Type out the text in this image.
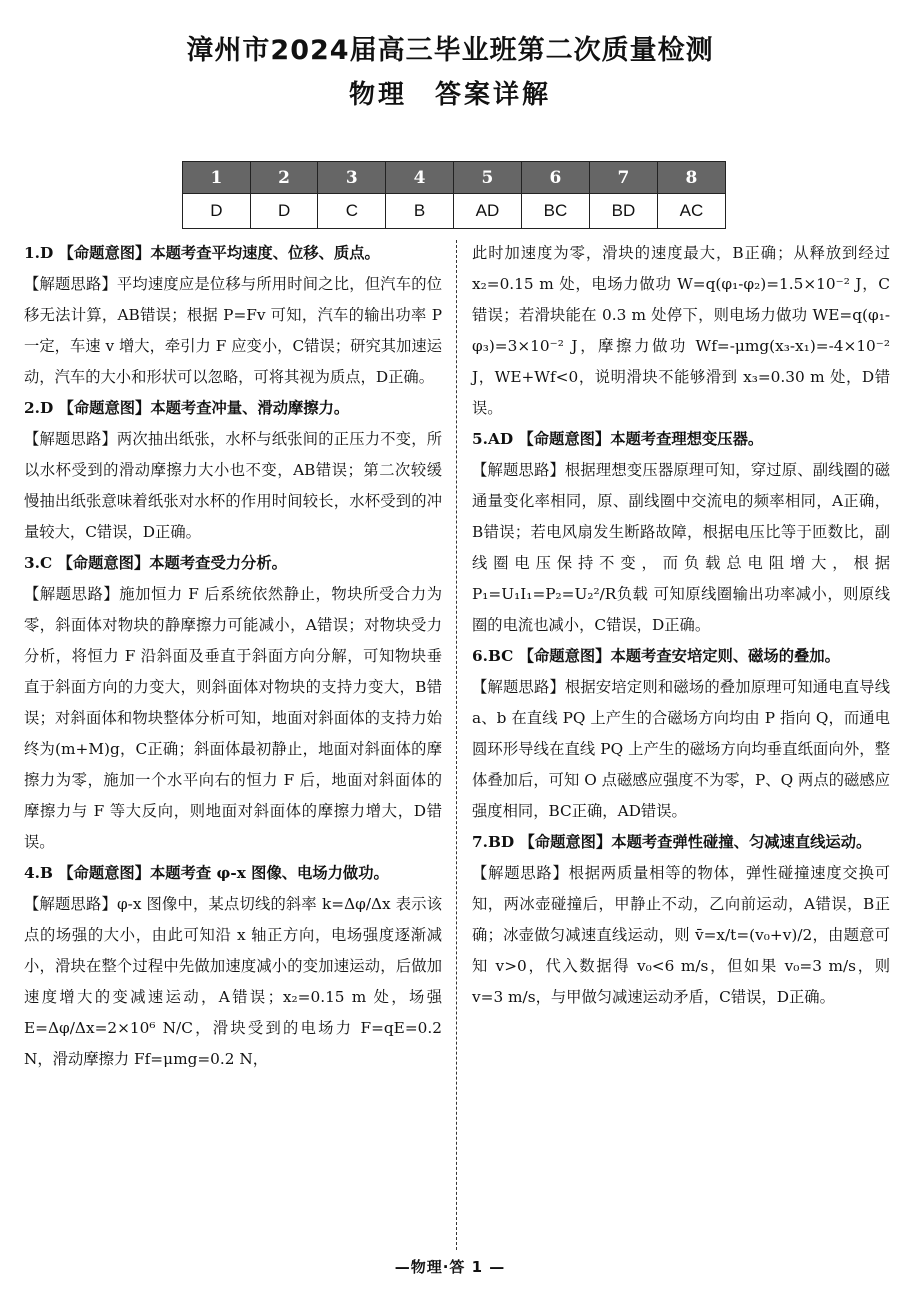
漳州市2024届高三毕业班第二次质量检测
物理 答案详解
1	2	3	4	5	6	7	8
D	D	C	B	AD	BC	BD	AC

1.D 【命题意图】本题考查平均速度、位移、质点。

【解题思路】平均速度应是位移与所用时间之比，但汽车的位移无法计算，AB错误；根据 P=Fv 可知，汽车的输出功率 P 一定，车速 v 增大，牵引力 F 应变小，C错误；研究其加速运动，汽车的大小和形状可以忽略，可将其视为质点，D正确。

2.D 【命题意图】本题考查冲量、滑动摩擦力。

【解题思路】两次抽出纸张，水杯与纸张间的正压力不变，所以水杯受到的滑动摩擦力大小也不变，AB错误；第二次较缓慢抽出纸张意味着纸张对水杯的作用时间较长，水杯受到的冲量较大，C错误，D正确。

3.C 【命题意图】本题考查受力分析。

【解题思路】施加恒力 F 后系统依然静止，物块所受合力为零，斜面体对物块的静摩擦力可能减小，A错误；对物块受力分析，将恒力 F 沿斜面及垂直于斜面方向分解，可知物块垂直于斜面方向的力变大，则斜面体对物块的支持力变大，B错误；对斜面体和物块整体分析可知，地面对斜面体的支持力始终为(m+M)g，C正确；斜面体最初静止，地面对斜面体的摩擦力为零，施加一个水平向右的恒力 F 后，地面对斜面体的摩擦力与 F 等大反向，则地面对斜面体的摩擦力增大，D错误。

4.B 【命题意图】本题考查 φ-x 图像、电场力做功。

【解题思路】φ-x 图像中，某点切线的斜率 k=Δφ/Δx 表示该点的场强的大小，由此可知沿 x 轴正方向，电场强度逐渐减小，滑块在整个过程中先做加速度减小的变加速运动，后做加速度增大的变减速运动，A错误；x₂=0.15 m 处，场强 E=Δφ/Δx=2×10⁶ N/C，滑块受到的电场力 F=qE=0.2 N，滑动摩擦力 Ff=μmg=0.2 N，

此时加速度为零，滑块的速度最大，B正确；从释放到经过 x₂=0.15 m 处，电场力做功 W=q(φ₁-φ₂)=1.5×10⁻² J，C错误；若滑块能在 0.3 m 处停下，则电场力做功 WE=q(φ₁-φ₃)=3×10⁻² J，摩擦力做功 Wf=-μmg(x₃-x₁)=-4×10⁻² J，WE+Wf<0，说明滑块不能够滑到 x₃=0.30 m 处，D错误。

5.AD 【命题意图】本题考查理想变压器。

【解题思路】根据理想变压器原理可知，穿过原、副线圈的磁通量变化率相同，原、副线圈中交流电的频率相同，A正确，B错误；若电风扇发生断路故障，根据电压比等于匝数比，副线圈电压保持不变，而负载总电阻增大，根据 P₁=U₁I₁=P₂=U₂²/R负载 可知原线圈输出功率减小，则原线圈的电流也减小，C错误，D正确。

6.BC 【命题意图】本题考查安培定则、磁场的叠加。

【解题思路】根据安培定则和磁场的叠加原理可知通电直导线 a、b 在直线 PQ 上产生的合磁场方向均由 P 指向 Q，而通电圆环形导线在直线 PQ 上产生的磁场方向均垂直纸面向外，整体叠加后，可知 O 点磁感应强度不为零，P、Q 两点的磁感应强度相同，BC正确，AD错误。

7.BD 【命题意图】本题考查弹性碰撞、匀减速直线运动。

【解题思路】根据两质量相等的物体，弹性碰撞速度交换可知，两冰壶碰撞后，甲静止不动，乙向前运动，A错误，B正确；冰壶做匀减速直线运动，则 v̄=x/t=(v₀+v)/2，由题意可知 v>0，代入数据得 v₀<6 m/s，但如果 v₀=3 m/s，则 v=3 m/s，与甲做匀减速运动矛盾，C错误，D正确。

—物理·答 1 —
